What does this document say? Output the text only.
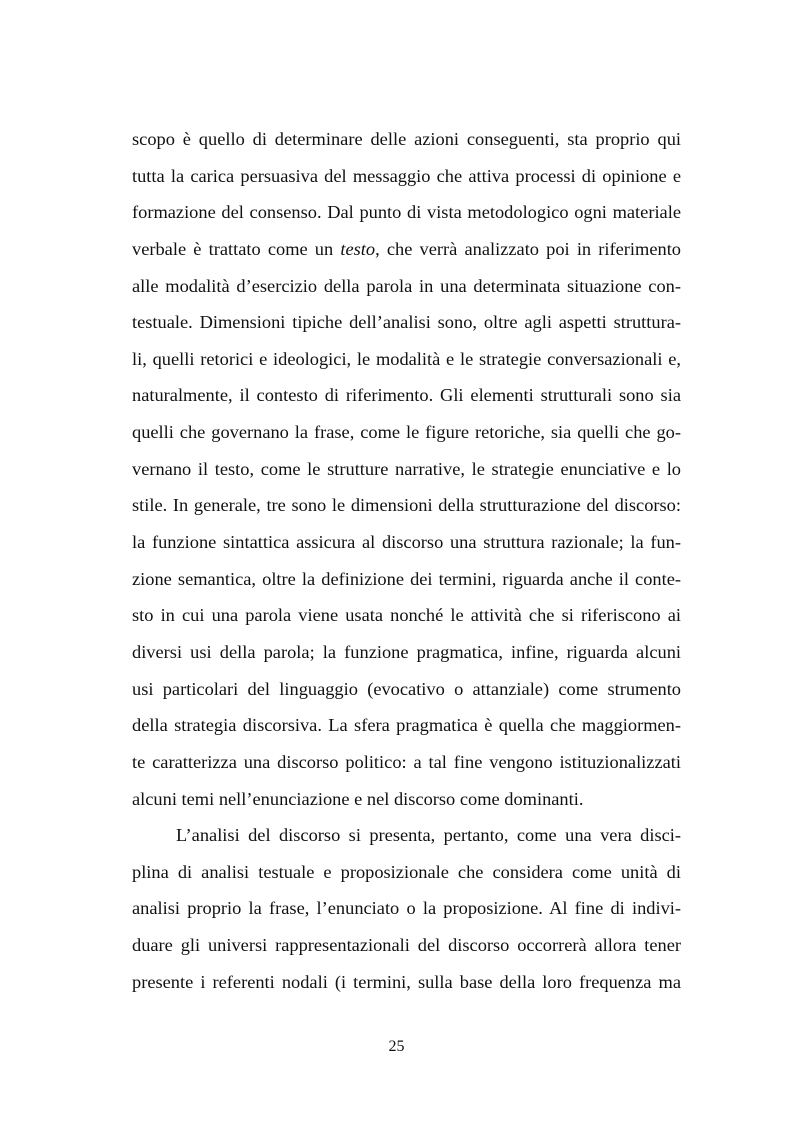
scopo è quello di determinare delle azioni conseguenti, sta proprio qui
tutta la carica persuasiva del messaggio che attiva processi di opinione e
formazione del consenso. Dal punto di vista metodologico ogni materiale
verbale è trattato come un testo, che verrà analizzato poi in riferimento
alle modalità d’esercizio della parola in una determinata situazione con-
testuale. Dimensioni tipiche dell’analisi sono, oltre agli aspetti struttura-
li, quelli retorici e ideologici, le modalità e le strategie conversazionali e,
naturalmente, il contesto di riferimento. Gli elementi strutturali sono sia
quelli che governano la frase, come le figure retoriche, sia quelli che go-
vernano il testo, come le strutture narrative, le strategie enunciative e lo
stile. In generale, tre sono le dimensioni della strutturazione del discorso:
la funzione sintattica assicura al discorso una struttura razionale; la fun-
zione semantica, oltre la definizione dei termini, riguarda anche il conte-
sto in cui una parola viene usata nonché le attività che si riferiscono ai
diversi usi della parola; la funzione pragmatica, infine, riguarda alcuni
usi particolari del linguaggio (evocativo o attanziale) come strumento
della strategia discorsiva. La sfera pragmatica è quella che maggiormen-
te caratterizza una discorso politico: a tal fine vengono istituzionalizzati
alcuni temi nell’enunciazione e nel discorso come dominanti.
L’analisi del discorso si presenta, pertanto, come una vera disci-
plina di analisi testuale e proposizionale che considera come unità di
analisi proprio la frase, l’enunciato o la proposizione. Al fine di indivi-
duare gli universi rappresentazionali del discorso occorrerà allora tener
presente i referenti nodali (i termini, sulla base della loro frequenza ma
25
